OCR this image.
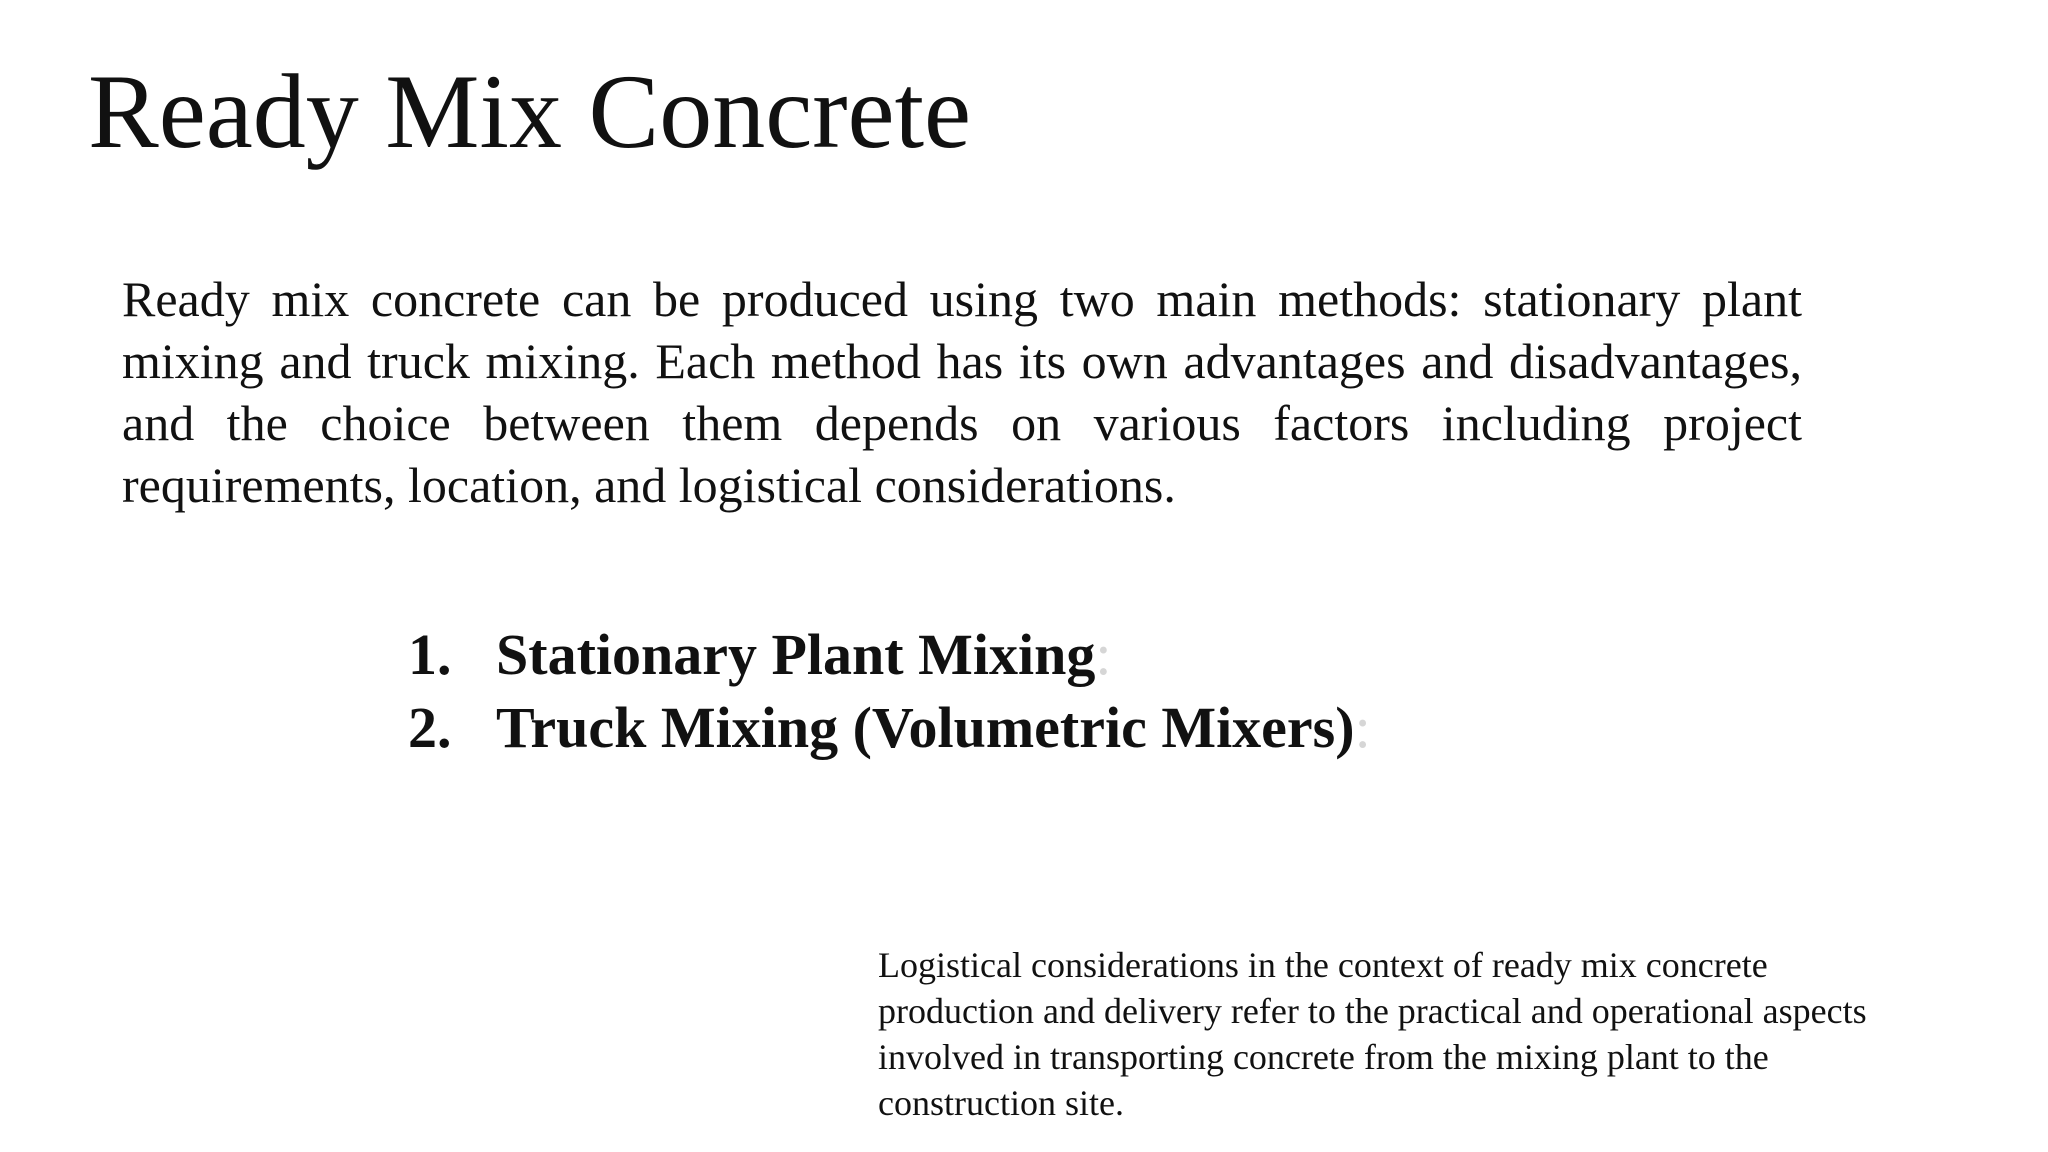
Ready Mix Concrete

Ready mix concrete can be produced using two main methods: stationary plant mixing and truck mixing. Each method has its own advantages and disadvantages, and the choice between them depends on various factors including project requirements, location, and logistical considerations.

1. Stationary Plant Mixing:
2. Truck Mixing (Volumetric Mixers):

Logistical considerations in the context of ready mix concrete production and delivery refer to the practical and operational aspects involved in transporting concrete from the mixing plant to the construction site.
